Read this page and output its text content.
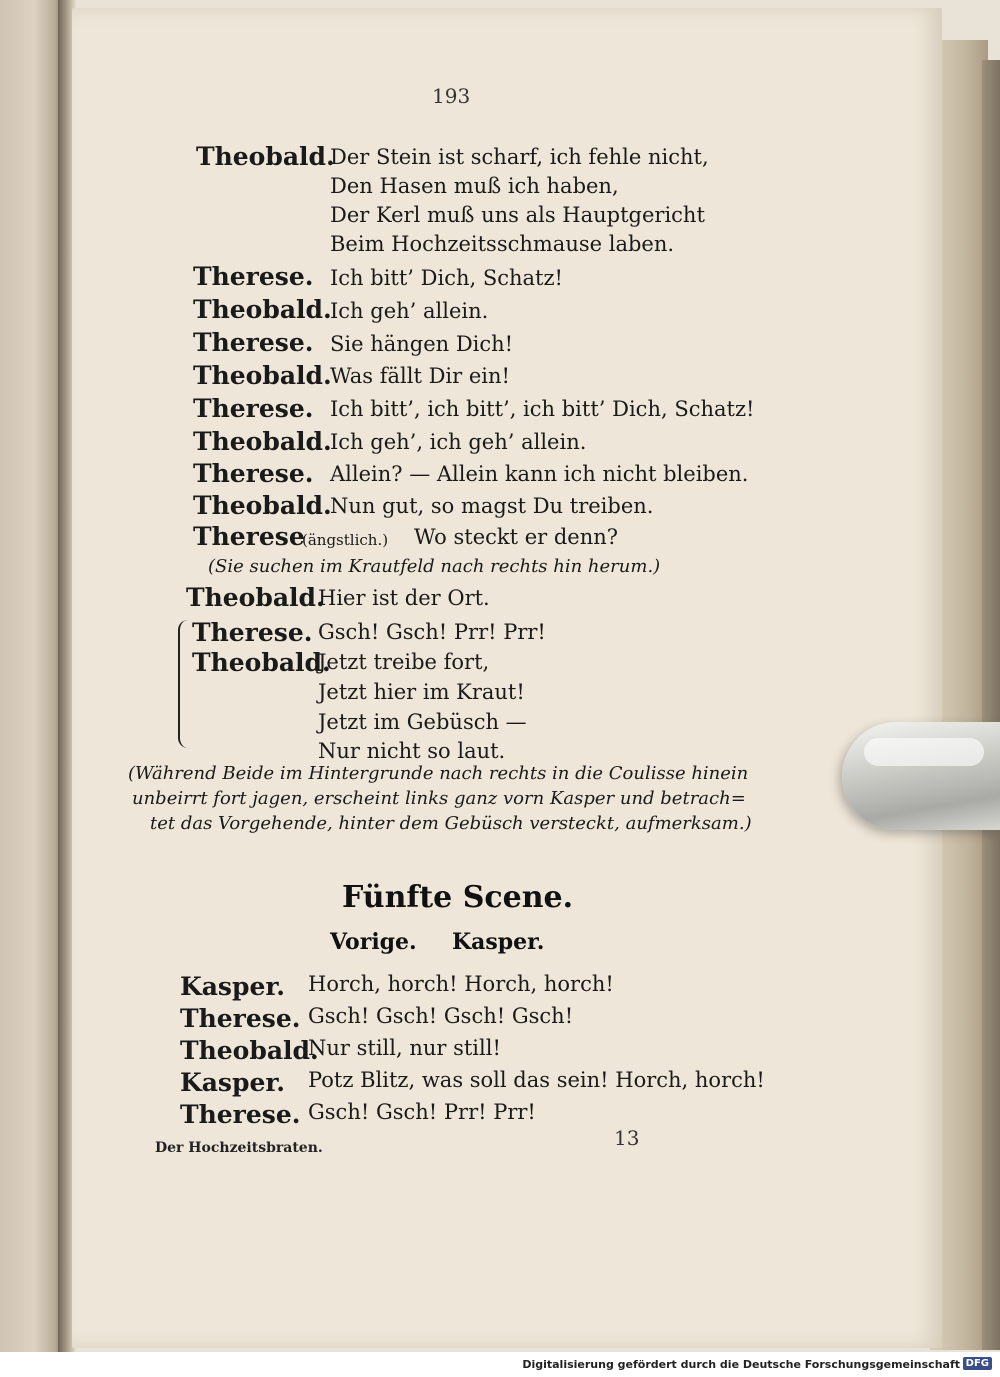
193
Theobald.
Der Stein ist scharf, ich fehle nicht,
Den Hasen muß ich haben,
Der Kerl muß uns als Hauptgericht
Beim Hochzeitsschmause laben.
Therese. Ich bitt’ Dich, Schatz!
Theobald.
Ich geh’ allein.
Therese. Sie hängen Dich!
Theobald.
Was fällt Dir ein!
Therese. Ich bitt’, ich bitt’, ich bitt’ Dich, Schatz!
Theobald.
Ich geh’, ich geh’ allein.
Therese. Allein? — Allein kann ich nicht bleiben.
Theobald.
Nun gut, so magst Du treiben.
Therese
(ängstlich.) Wo steckt er denn?
(Sie suchen im Krautfeld nach rechts hin herum.)
Theobald.
Hier ist der Ort.
Therese.
Theobald.
Gsch! Gsch! Prr! Prr!
Jetzt treibe fort,
Jetzt hier im Kraut!
Jetzt im Gebüsch —
Nur nicht so laut.
(Während Beide im Hintergrunde nach rechts in die Coulisse hinein
unbeirrt fort jagen, erscheint links ganz vorn Kasper und betrach=
tet das Vorgehende, hinter dem Gebüsch versteckt, aufmerksam.)
Fünfte Scene.
Vorige. Kasper.
Kasper. Horch, horch! Horch, horch!
Therese. Gsch! Gsch! Gsch! Gsch!
Theobald.
Nur still, nur still!
Kasper. Potz Blitz, was soll das sein! Horch, horch!
Therese. Gsch! Gsch! Prr! Prr!
Der Hochzeitsbraten.	13
Digitalisierung gefördert durch die Deutsche Forschungsgemeinschaft DFG
